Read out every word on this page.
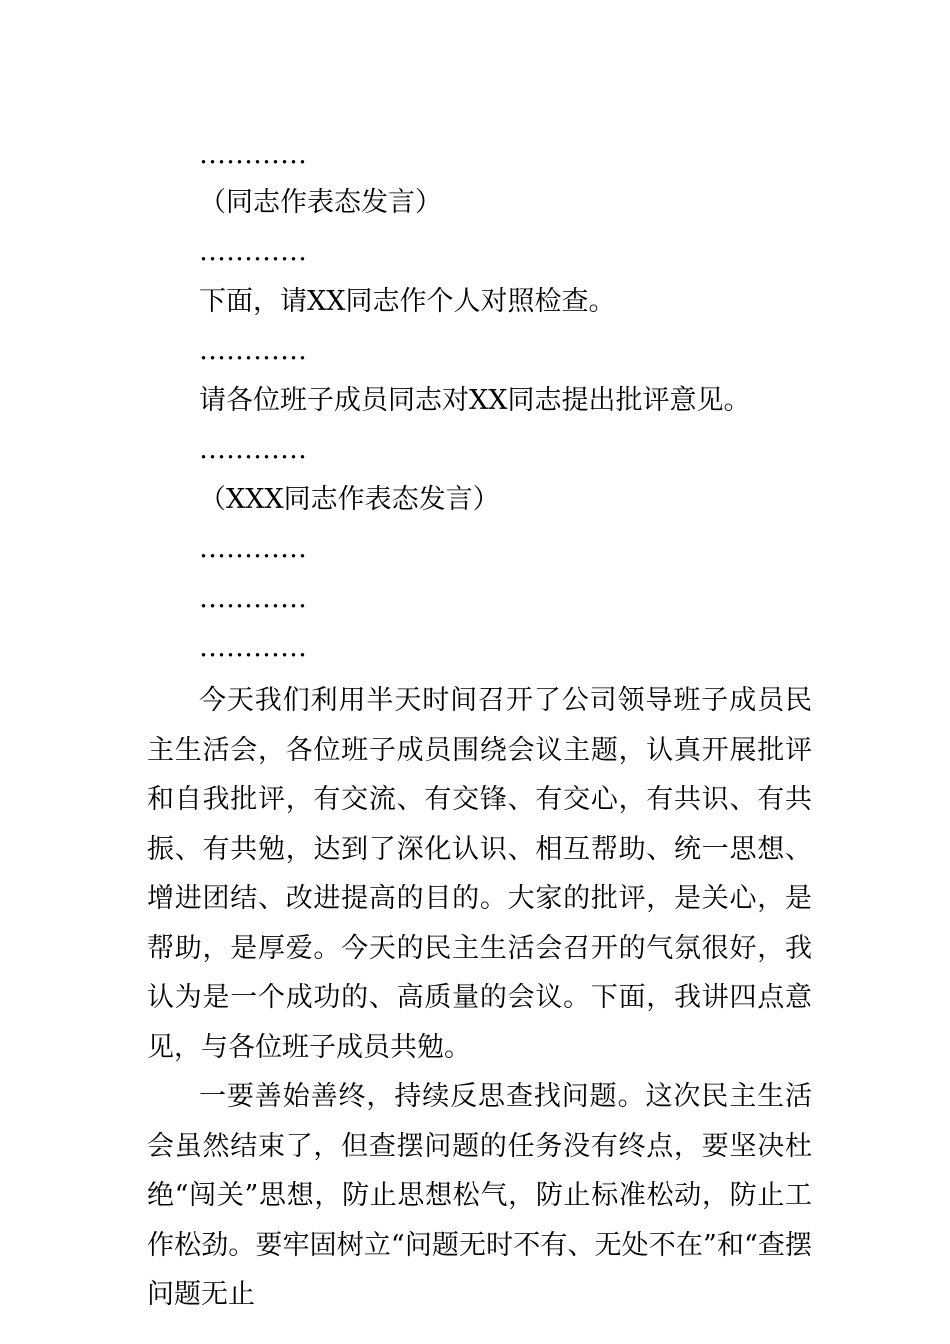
…………
（同志作表态发言）
…………
下面，请XX同志作个人对照检查。
…………
请各位班子成员同志对XX同志提出批评意见。
…………
（XXX同志作表态发言）
…………
…………
…………

今天我们利用半天时间召开了公司领导班子成员民主生活会，各位班子成员围绕会议主题，认真开展批评和自我批评，有交流、有交锋、有交心，有共识、有共振、有共勉，达到了深化认识、相互帮助、统一思想、增进团结、改进提高的目的。大家的批评，是关心，是帮助，是厚爱。今天的民主生活会召开的气氛很好，我认为是一个成功的、高质量的会议。下面，我讲四点意见，与各位班子成员共勉。

一要善始善终，持续反思查找问题。这次民主生活会虽然结束了，但查摆问题的任务没有终点，要坚决杜绝“闯关”思想，防止思想松气，防止标准松动，防止工作松劲。要牢固树立“问题无时不有、无处不在”和“查摆问题无止
